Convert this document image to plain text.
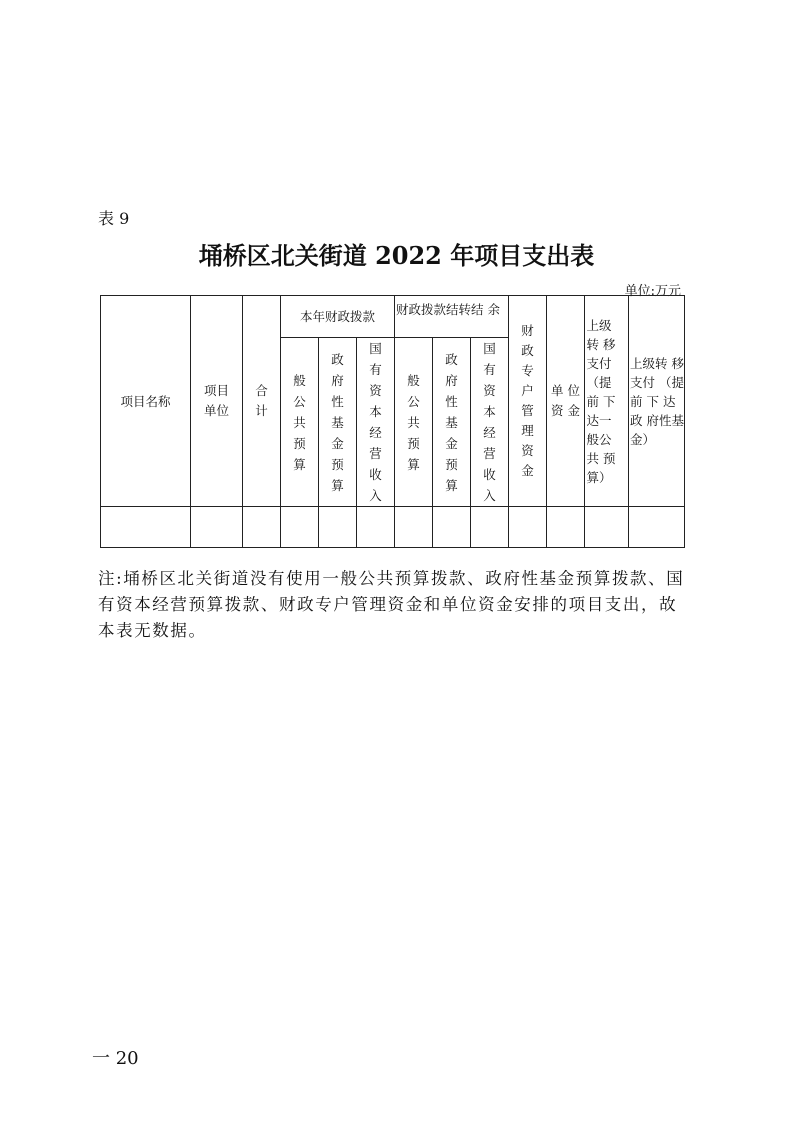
表 9
埇桥区北关街道 2022 年项目支出表
单位:万元
项目名称	项目 单位	合计	本年财政拨款			财政拨款结转结 余			财政专户管理资金	单 位 资 金	上级 转 移 支付 （提 前 下 达一 般公 共 预 算）	上级转 移 支付 （提前 下 达政 府性基 金）
			般公共预算	政府性基金预算	国有资本经营收入	般公共预算	政府性基金预算	国有资本经营收入				

注:埇桥区北关街道没有使用一般公共预算拨款、政府性基金预算拨款、国有资本经营预算拨款、财政专户管理资金和单位资金安排的项目支出，故本表无数据。
一 20
